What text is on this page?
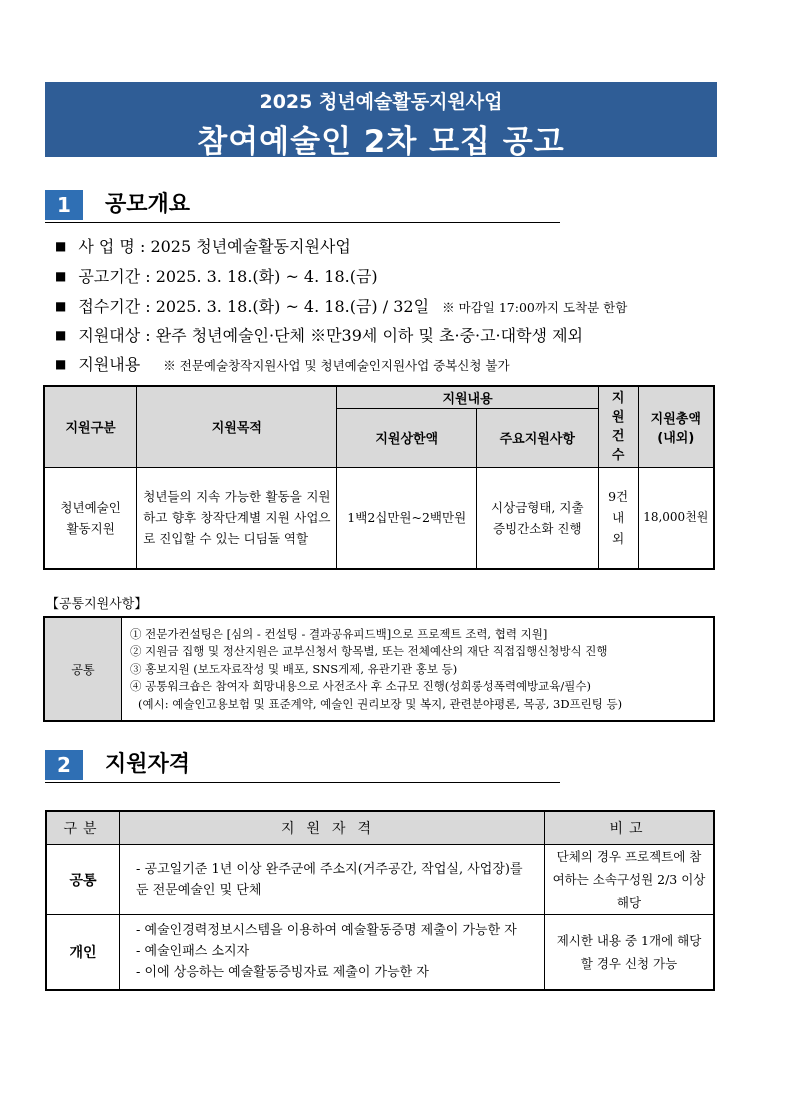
2025 청년예술활동지원사업
참여예술인 2차 모집 공고
1	공모개요
■ 사 업 명 : 2025 청년예술활동지원사업
■ 공고기간 : 2025. 3. 18.(화) ~ 4. 18.(금)
■ 접수기간 : 2025. 3. 18.(화) ~ 4. 18.(금) / 32일 ※ 마감일 17:00까지 도착분 한함
■ 지원대상 : 완주 청년예술인·단체 ※만39세 이하 및 초·중·고·대학생 제외
■ 지원내용 ※ 전문예술창작지원사업 및 청년예술인지원사업 중복신청 불가
지원구분	지원목적	지원내용		지원건수	지원총액(내외)
		지원상한액	주요지원사항		
청년예술인 활동지원	청년들의 지속 가능한 활동을 지원하고 향후 창작단계별 지원 사업으로 진입할 수 있는 디딤돌 역할	1백2십만원~2백만원	시상금형태, 지출증빙간소화 진행	9건 내외	18,000천원
【공통지원사항】
공통	
① 전문가컨설팅은 [심의 - 컨설팅 - 결과공유피드백]으로 프로젝트 조력, 협력 지원]
② 지원금 집행 및 정산지원은 교부신청서 항목별, 또는 전체예산의 재단 직접집행신청방식 진행
③ 홍보지원 (보도자료작성 및 배포, SNS게제, 유관기관 홍보 등)
④ 공통워크숍은 참여자 희망내용으로 사전조사 후 소규모 진행(성희롱성폭력예방교육/필수)
(예시: 예술인고용보험 및 표준계약, 예술인 권리보장 및 복지, 관련분야평론, 목공, 3D프린팅 등)
2	지원자격
구분	지원자격	비고
공통	- 공고일기준 1년 이상 완주군에 주소지(거주공간, 작업실, 사업장)를 둔 전문예술인 및 단체	단체의 경우 프로젝트에 참여하는 소속구성원 2/3 이상 해당
개인	- 예술인경력정보시스템을 이용하여 예술활동증명 제출이 가능한 자
- 예술인패스 소지자
- 이에 상응하는 예술활동증빙자료 제출이 가능한 자	제시한 내용 중 1개에 해당할 경우 신청 가능
